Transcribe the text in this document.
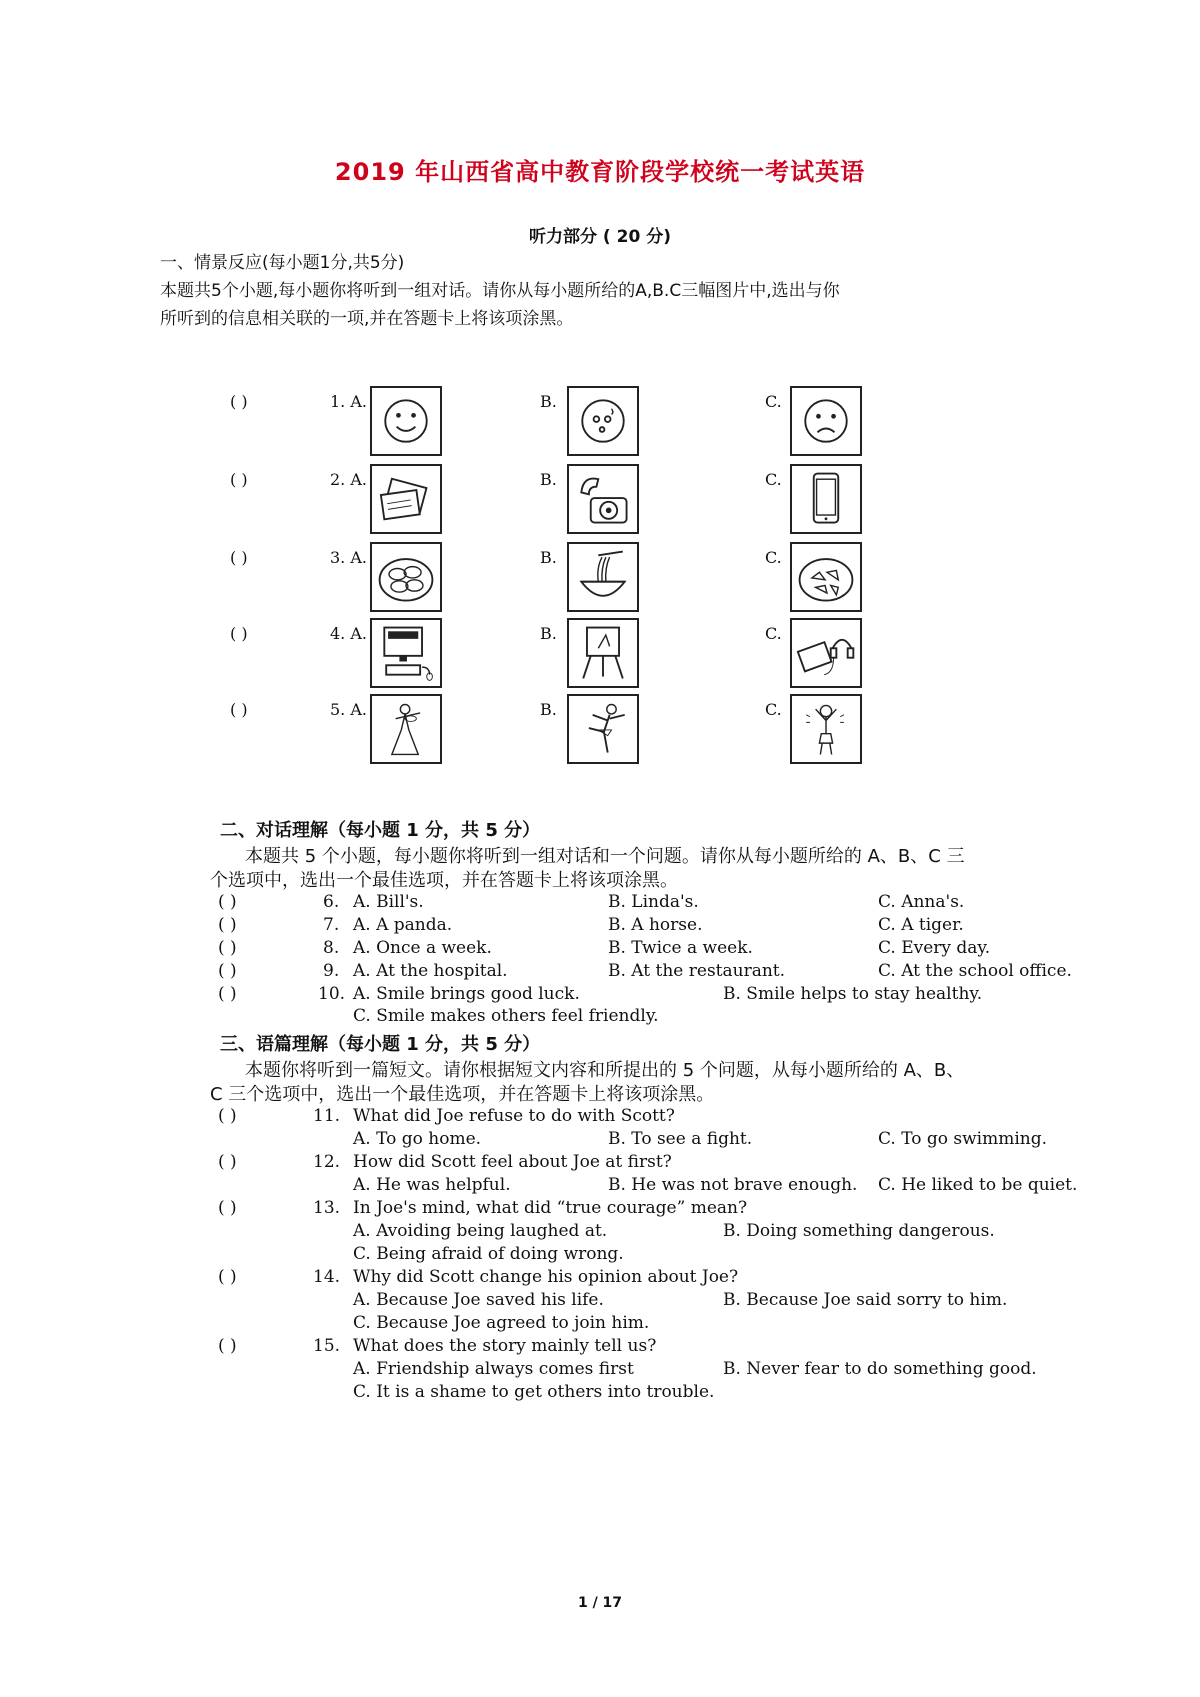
2019 年山西省高中教育阶段学校统一考试英语
听力部分 ( 20 分)
一、情景反应(每小题1分,共5分)
本题共5个小题,每小题你将听到一组对话。请你从每小题所给的A,B.C三幅图片中,选出与你
所听到的信息相关联的一项,并在答题卡上将该项涂黑。
( )	1. A.	B.	C.
( )	2. A.	B.	C.
( )	3. A.	B.	C.
( )	4. A.	B.	C.
( )	5. A.	B.	C.
二、对话理解（每小题 1 分，共 5 分）
本题共 5 个小题，每小题你将听到一组对话和一个问题。请你从每小题所给的 A、B、C 三
个选项中，选出一个最佳选项，并在答题卡上将该项涂黑。
( )	6. A. Bill's.	B. Linda's.	C. Anna's.
( )	7. A. A panda.	B. A horse.	C. A tiger.
( )	8. A. Once a week.	B. Twice a week.	C. Every day.
( )	9. A. At the hospital.	B. At the restaurant.	C. At the school office.
( )	10. A. Smile brings good luck.	B. Smile helps to stay healthy.
C. Smile makes others feel friendly.
三、语篇理解（每小题 1 分，共 5 分）
本题你将听到一篇短文。请你根据短文内容和所提出的 5 个问题，从每小题所给的 A、B、
C 三个选项中，选出一个最佳选项，并在答题卡上将该项涂黑。
( )	11. What did Joe refuse to do with Scott?
A. To go home.	B. To see a fight.	C. To go swimming.
( )	12. How did Scott feel about Joe at first?
A. He was helpful.	B. He was not brave enough. C. He liked to be quiet.
( )	13. In Joe's mind, what did “true courage” mean?
A. Avoiding being laughed at.	B. Doing something dangerous.
C. Being afraid of doing wrong.
( )	14. Why did Scott change his opinion about Joe?
A. Because Joe saved his life.	B. Because Joe said sorry to him.
C. Because Joe agreed to join him.
( )	15. What does the story mainly tell us?
A. Friendship always comes first	B. Never fear to do something good.
C. It is a shame to get others into trouble.
1 / 17
